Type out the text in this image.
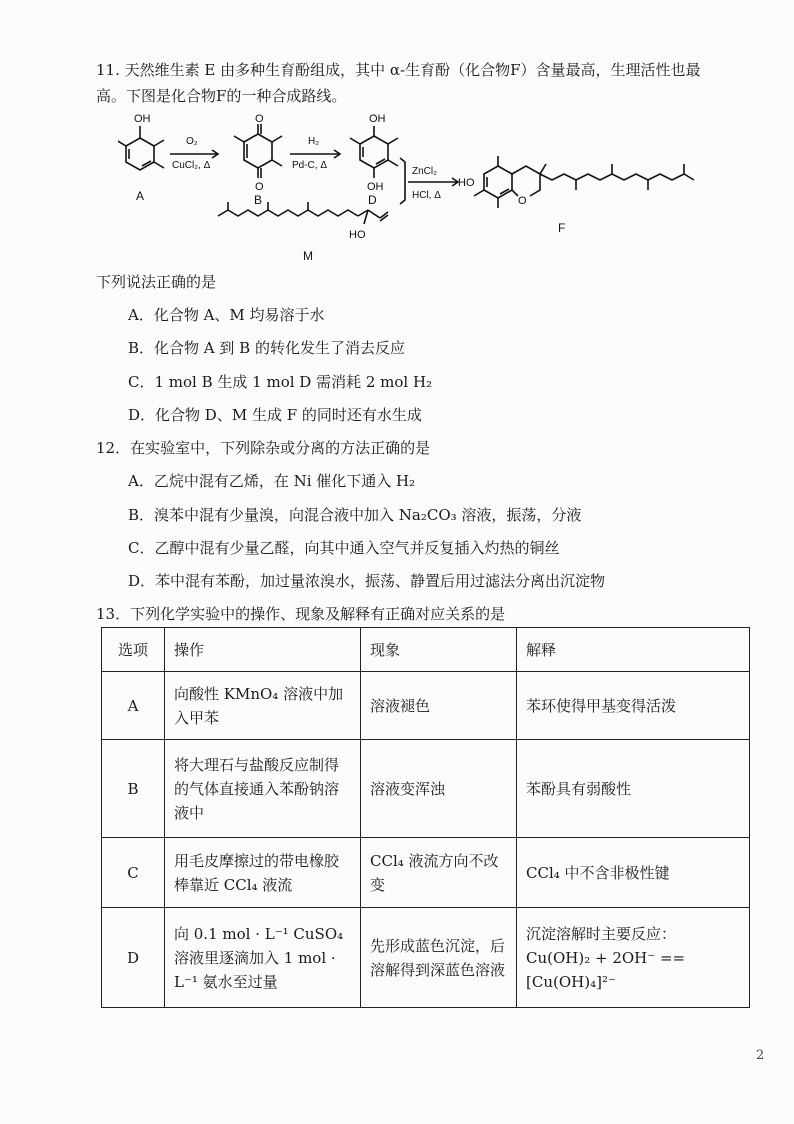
11. 天然维生素 E 由多种生育酚组成，其中 α-生育酚（化合物F）含量最高，生理活性也最
高。下图是化合物F的一种合成路线。
OH
A
O₂
CuCl₂, Δ
O
O
B
H₂
Pd-C, Δ
OH
OH
D
HO
M
ZnCl₂
HCl, Δ
HO
O
F
下列说法正确的是
A．化合物 A、M 均易溶于水
B．化合物 A 到 B 的转化发生了消去反应
C．1 mol B 生成 1 mol D 需消耗 2 mol H₂
D．化合物 D、M 生成 F 的同时还有水生成
12．在实验室中，下列除杂或分离的方法正确的是
A．乙烷中混有乙烯，在 Ni 催化下通入 H₂
B．溴苯中混有少量溴，向混合液中加入 Na₂CO₃ 溶液，振荡，分液
C．乙醇中混有少量乙醛，向其中通入空气并反复插入灼热的铜丝
D．苯中混有苯酚，加过量浓溴水，振荡、静置后用过滤法分离出沉淀物
13．下列化学实验中的操作、现象及解释有正确对应关系的是
选项	操作	现象	解释
A	向酸性 KMnO₄ 溶液中加入甲苯	溶液褪色	苯环使得甲基变得活泼
B	将大理石与盐酸反应制得的气体直接通入苯酚钠溶液中	溶液变浑浊	苯酚具有弱酸性
C	用毛皮摩擦过的带电橡胶棒靠近 CCl₄ 液流	CCl₄ 液流方向不改变	CCl₄ 中不含非极性键
D	向 0.1 mol · L⁻¹ CuSO₄ 溶液里逐滴加入 1 mol · L⁻¹ 氨水至过量	先形成蓝色沉淀，后溶解得到深蓝色溶液	沉淀溶解时主要反应：
Cu(OH)₂ + 2OH⁻ == [Cu(OH)₄]²⁻
2
